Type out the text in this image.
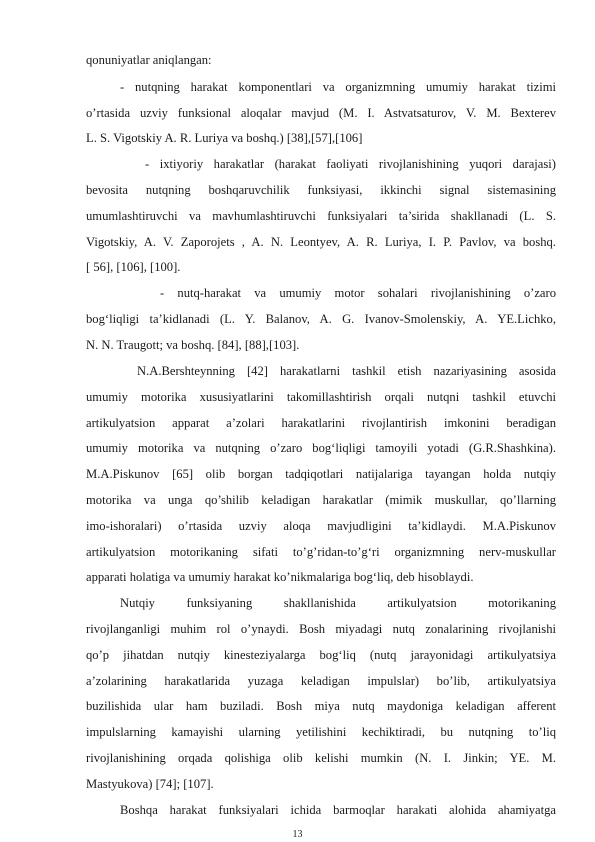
qonuniyatlar aniqlangan:
- nutqning harakat komponentlari va organizmning umumiy harakat tizimi
o’rtasida uzviy funksional aloqalar mavjud (M. I. Astvatsaturov, V. M. Bexterev
L. S. Vigotskiy A. R. Luriya va boshq.) [38],[57],[106]
- ixtiyoriy harakatlar (harakat faoliyati rivojlanishining yuqori darajasi)
bevosita nutqning boshqaruvchilik funksiyasi, ikkinchi signal sistemasining
umumlashtiruvchi va mavhumlashtiruvchi funksiyalari ta’sirida shakllanadi (L. S.
Vigotskiy, A. V. Zaporojets , A. N. Leontyev, A. R. Luriya, I. P. Pavlov, va boshq.
[ 56], [106], [100].
- nutq-harakat va umumiy motor sohalari rivojlanishining o’zaro
bog‘liqligi ta’kidlanadi (L. Y. Balanov, A. G. Ivanov-Smolenskiy, A. YE.Lichko,
N. N. Traugott; va boshq. [84], [88],[103].
N.A.Bershteynning [42] harakatlarni tashkil etish nazariyasining asosida
umumiy motorika xususiyatlarini takomillashtirish orqali nutqni tashkil etuvchi
artikulyatsion apparat a’zolari harakatlarini rivojlantirish imkonini beradigan
umumiy motorika va nutqning o’zaro bog‘liqligi tamoyili yotadi (G.R.Shashkina).
M.A.Piskunov [65] olib borgan tadqiqotlari natijalariga tayangan holda nutqiy
motorika va unga qo’shilib keladigan harakatlar (mimik muskullar, qo’llarning
imo-ishoralari) o’rtasida uzviy aloqa mavjudligini ta’kidlaydi. M.A.Piskunov
artikulyatsion motorikaning sifati to’g’ridan-to’g‘ri organizmning nerv-muskullar
apparati holatiga va umumiy harakat ko’nikmalariga bog‘liq, deb hisoblaydi.
Nutqiy funksiyaning shakllanishida artikulyatsion motorikaning
rivojlanganligi muhim rol o’ynaydi. Bosh miyadagi nutq zonalarining rivojlanishi
qo’p jihatdan nutqiy kinesteziyalarga bog‘liq (nutq jarayonidagi artikulyatsiya
a’zolarining harakatlarida yuzaga keladigan impulslar) bo’lib, artikulyatsiya
buzilishida ular ham buziladi. Bosh miya nutq maydoniga keladigan afferent
impulslarning kamayishi ularning yetilishini kechiktiradi, bu nutqning to’liq
rivojlanishining orqada qolishiga olib kelishi mumkin (N. I. Jinkin; YE. M.
Mastyukova) [74]; [107].
Boshqa harakat funksiyalari ichida barmoqlar harakati alohida ahamiyatga
13
